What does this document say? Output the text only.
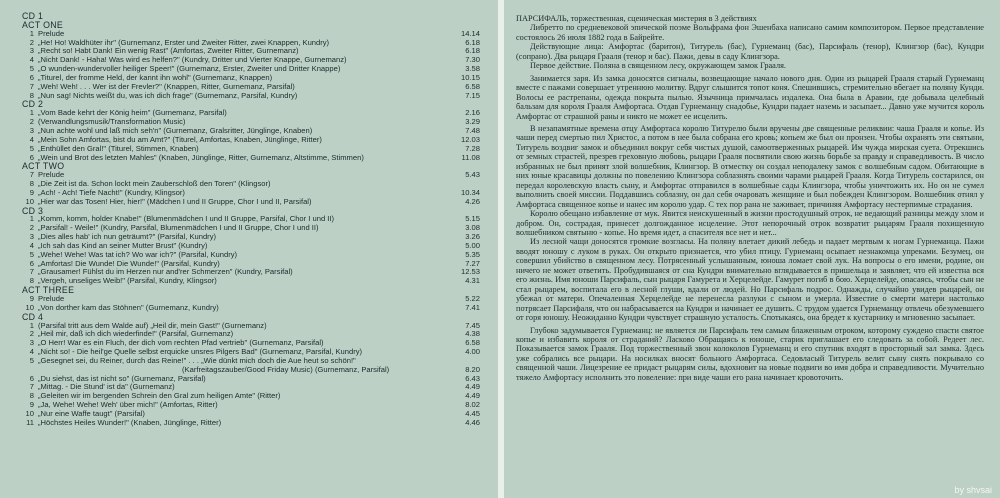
CD 1
ACT ONE
1 Prelude	14.14
2 „He! Ho! Waldhüter ihr" (Gurnemanz, Erster und Zweiter Ritter, zwei Knappen, Kundry)	6.18
3 „Recht so! Habt Dank! Ein wenig Rast" (Amfortas, Zweiter Ritter, Gurnemanz)	6.18
4 „Nicht Dank! - Haha! Was wird es helfen?" (Kundry, Dritter und Vierter Knappe, Gurnemanz)	7.30
5 „O wunden-wundervoller heiliger Speer!" (Gurnemanz, Erster, Zweiter und Dritter Knappe)	3.58
6 „Titurel, der fromme Held, der kannt ihn wohl" (Gurnemanz, Knappen)	10.15
7 „Weh! Weh! . . . Wer ist der Frevler?" (Knappen, Ritter, Gurnemanz, Parsifal)	6.58
8 „Nun sag! Nichts weißt du, was ich dich frage" (Gurnemanz, Parsifal, Kundry)	7.15
CD 2
1 „Vom Bade kehrt der König heim" (Gurnemanz, Parsifal)	2.16
2 (Verwandlungsmusik/Transformation Music)	3.29
3 „Nun achte wohl und laß mich seh'n" (Gurnemanz, Gralsritter, Jünglinge, Knaben)	7.48
4 „Mein Sohn Amfortas, bist du am Amt?" (Titurel, Amfortas, Knaben, Jünglinge, Ritter)	12.03
5 „Enthüllet den Gral!" (Titurel, Stimmen, Knaben)	7.28
6 „Wein und Brot des letzten Mahles" (Knaben, Jünglinge, Ritter, Gurnemanz, Altstimme, Stimmen)	11.08
ACT TWO
7 Prelude	5.43
8 „Die Zeit ist da. Schon lockt mein Zauberschloß den Toren" (Klingsor)
9 „Ach! - Ach! Tiefe Nacht!" (Kundry, Klingsor)	10.34
10 „Hier war das Tosen! Hier, hier!" (Mädchen I und II Gruppe, Chor I und II, Parsifal)	4.26
CD 3
1 „Komm, komm, holder Knabe!" (Blumenmädchen I und II Gruppe, Parsifal, Chor I und II)	5.15
2 „Parsifal! - Weile!" (Kundry, Parsifal, Blumenmädchen I und II Gruppe, Chor I und II)	3.08
3 „Dies alles hab' ich nun geträumt?" (Parsifal, Kundry)	3.26
4 „Ich sah das Kind an seiner Mutter Brust" (Kundry)	5.00
5 „Wehe! Wehe! Was tat ich? Wo war ich?" (Parsifal, Kundry)	5.35
6 „Amfortas! Die Wunde! Die Wunde!" (Parsifal, Kundry)	7.27
7 „Grausamer! Fühlst du im Herzen nur and'rer Schmerzen" (Kundry, Parsifal)	12.53
8 „Vergeh, unseliges Weib!" (Parsifal, Kundry, Klingsor)	4.31
ACT THREE
9 Prelude	5.22
10 „Von dorther kam das Stöhnen" (Gurnemanz, Kundry)	7.41
CD 4
1 (Parsifal tritt aus dem Walde auf) „Heil dir, mein Gast!" (Gurnemanz)	7.45
2 „Heil mir, daß ich dich wiederfinde!" (Parsifal, Gurnemanz)	4.38
3 „O Herr! War es ein Fluch, der dich vom rechten Pfad vertrieb" (Gurnemanz, Parsifal)	6.58
4 „Nicht so! - Die heil'ge Quelle selbst erquicke unsres Pilgers Bad" (Gurnemanz, Parsifal, Kundry)	4.00
5 „Gesegnet sei, du Reiner, durch das Reine!" . . . „Wie dünkt mich doch die Aue heut so schön!"
(Karfreitagszauber/Good Friday Music) (Gurnemanz, Parsifal)	8.20
6 „Du siehst, das ist nicht so" (Gurnemanz, Parsifal)	6.43
7 „Mittag. - Die Stund' ist da" (Gurnemanz)	4.49
8 „Geleiten wir im bergenden Schrein den Gral zum heiligen Amte" (Ritter)	4.49
9 „Ja, Wehe! Wehe! Weh' über mich!" (Amfortas, Ritter)	8.02
10 „Nur eine Waffe taugt" (Parsifal)	4.45
11 „Höchstes Heiles Wunder!" (Knaben, Jünglinge, Ritter)	4.46

ПАРСИФАЛЬ, торжественная, сценическая мистерия в 3 действиях

Либретто по средневековой эпической поэме Вольфрама фон Эшенбаха написано самим композитором. Первое представление состоялось 26 июля 1882 года в Байрейте.

Действующие лица: Амфортас (баритон), Титурель (бас), Гурнеманц (бас), Парсифаль (тенор), Клингзор (бас), Кундри (сопрано). Два рыцаря Грааля (тенор и бас). Пажи, девы в саду Клингзора.

Первое действие. Поляна в священном лесу, окружающем замок Грааля.

Занимается заря. Из замка доносятся сигналы, возвещающие начало нового дня. Один из рыцарей Грааля старый Гурнеманц вместе с пажами совершает утреннюю молитву. Вдруг слышится топот коня. Спешившись, стремительно вбегает на поляну Кунди. Волосы ее растрепаны, одежда покрыта пылью. Язычница примчалась издалека. Она была в Аравии, где добывала целебный бальзам для короля Грааля Амфортаса. Отдав Гурнеманцу снадобье, Кундри падает наземь и засыпает... Давно уже мучится король Амфортас от страшной раны и никто не может ее исцелить.

В незапамятные времена отцу Амфортаса королю Титурелю были вручены две священные реликвии: чаша Грааля и копье. Из чаши перед смертью пил Христос, а потом в нее была собрана его кровь; копьем же был он пронзен. Чтобы охранять эти святыни, Титурель воздвиг замок и объединил вокруг себя чистых душой, самоотверженных рыцарей. Им чужда мирская суета. Отрекшись от земных страстей, презрев греховную любовь, рыцари Грааля посвятили свою жизнь борьбе за правду и справедливость. В число избранных не был принят злой волшебник, Клингзор. В отместку он создал неподалеку замок с волшебным садом. Обитающие в них юные красавицы должны по повелению Клингзора соблазнять своими чарами рыцарей Грааля. Когда Титурель состарился, он передал королевскую власть сыну, и Амфортас отправился в волшебные сады Клингзора, чтобы уничтожить их. Но он не сумел выполнить своей миссии. Поддавшись соблазну, он дал себя очаровать женщине и был побежден Клингзором. Волшебник отнял у Амфортаса священное копье и нанес им королю удар. С тех пор рана не заживает, причиняя Амфортасу нестерпимые страдания.

Королю обещано избавление от мук. Явится неискушенный в жизни простодушный отрок, не ведающий разницы между злом и добром. Он, сострадая, принесет долгожданное исцеление. Этот непорочный отрок возвратит рыцарям Грааля похищенную волшебником святыню - копье. Но время идет, а спасителя все нет и нет...

Из лесной чащи доносятся громкие возгласы. На поляну влетает дикий лебедь и падает мертвым к ногам Гурнеманца. Пажи вводят юношу с луком в руках. Он открыто признается, что убил птицу. Гурнеманц осыпает незнакомца упреками. Безумец, он совершил убийство в священном лесу. Потрясенный услышанным, юноша ломает свой лук. На вопросы о его имени, родине, он ничего не может ответить. Пробудившаяся от сна Кундри внимательно вглядывается в пришельца и заявляет, что ей известна вся его жизнь. Имя юноши Парсифаль, сын рыцаря Гамурета и Херцелейде. Гамурет погиб в бою. Херцелейде, опасаясь, чтобы сын не стал рыцарем, воспитала его в лесной глуши, вдали от людей. Но Парсифаль подрос. Однажды, случайно увидев рыцарей, он убежал от матери. Опечаленная Херцелейде не перенесла разлуки с сыном и умерла. Известие о смерти матери настолько потрясает Парсифаля, что он набрасывается на Кундри и начинает ее душить. С трудом удается Гурнеманцу отвлечь обезумевшего от горя юношу. Неожиданно Кундри чувствует страшную усталость. Спотыкаясь, она бредет к кустарнику и мгновенно засыпает.

Глубоко задумывается Гурнеманц: не является ли Парсифаль тем самым блаженным отроком, которому суждено спасти святое копье и избавить короля от страданий? Ласково Обращаясь к юноше, старик приглашает его следовать за собой. Редеет лес. Показывается замок Грааля. Под торжественный звон колоколов Гурнеманц и его спутник входят в просторный зал замка. Здесь уже собрались все рыцари. На носилках вносят больного Амфортаса. Седовласый Титурель велит сыну снять покрывало со священной чаши. Лицезрение ее придаст рыцарям силы, вдохновит на новые подвиги во имя добра и справедливости. Мучительно тяжело Амфортасу исполнить это повеление: при виде чаши его рана начинает кровоточить.

by shvsai
